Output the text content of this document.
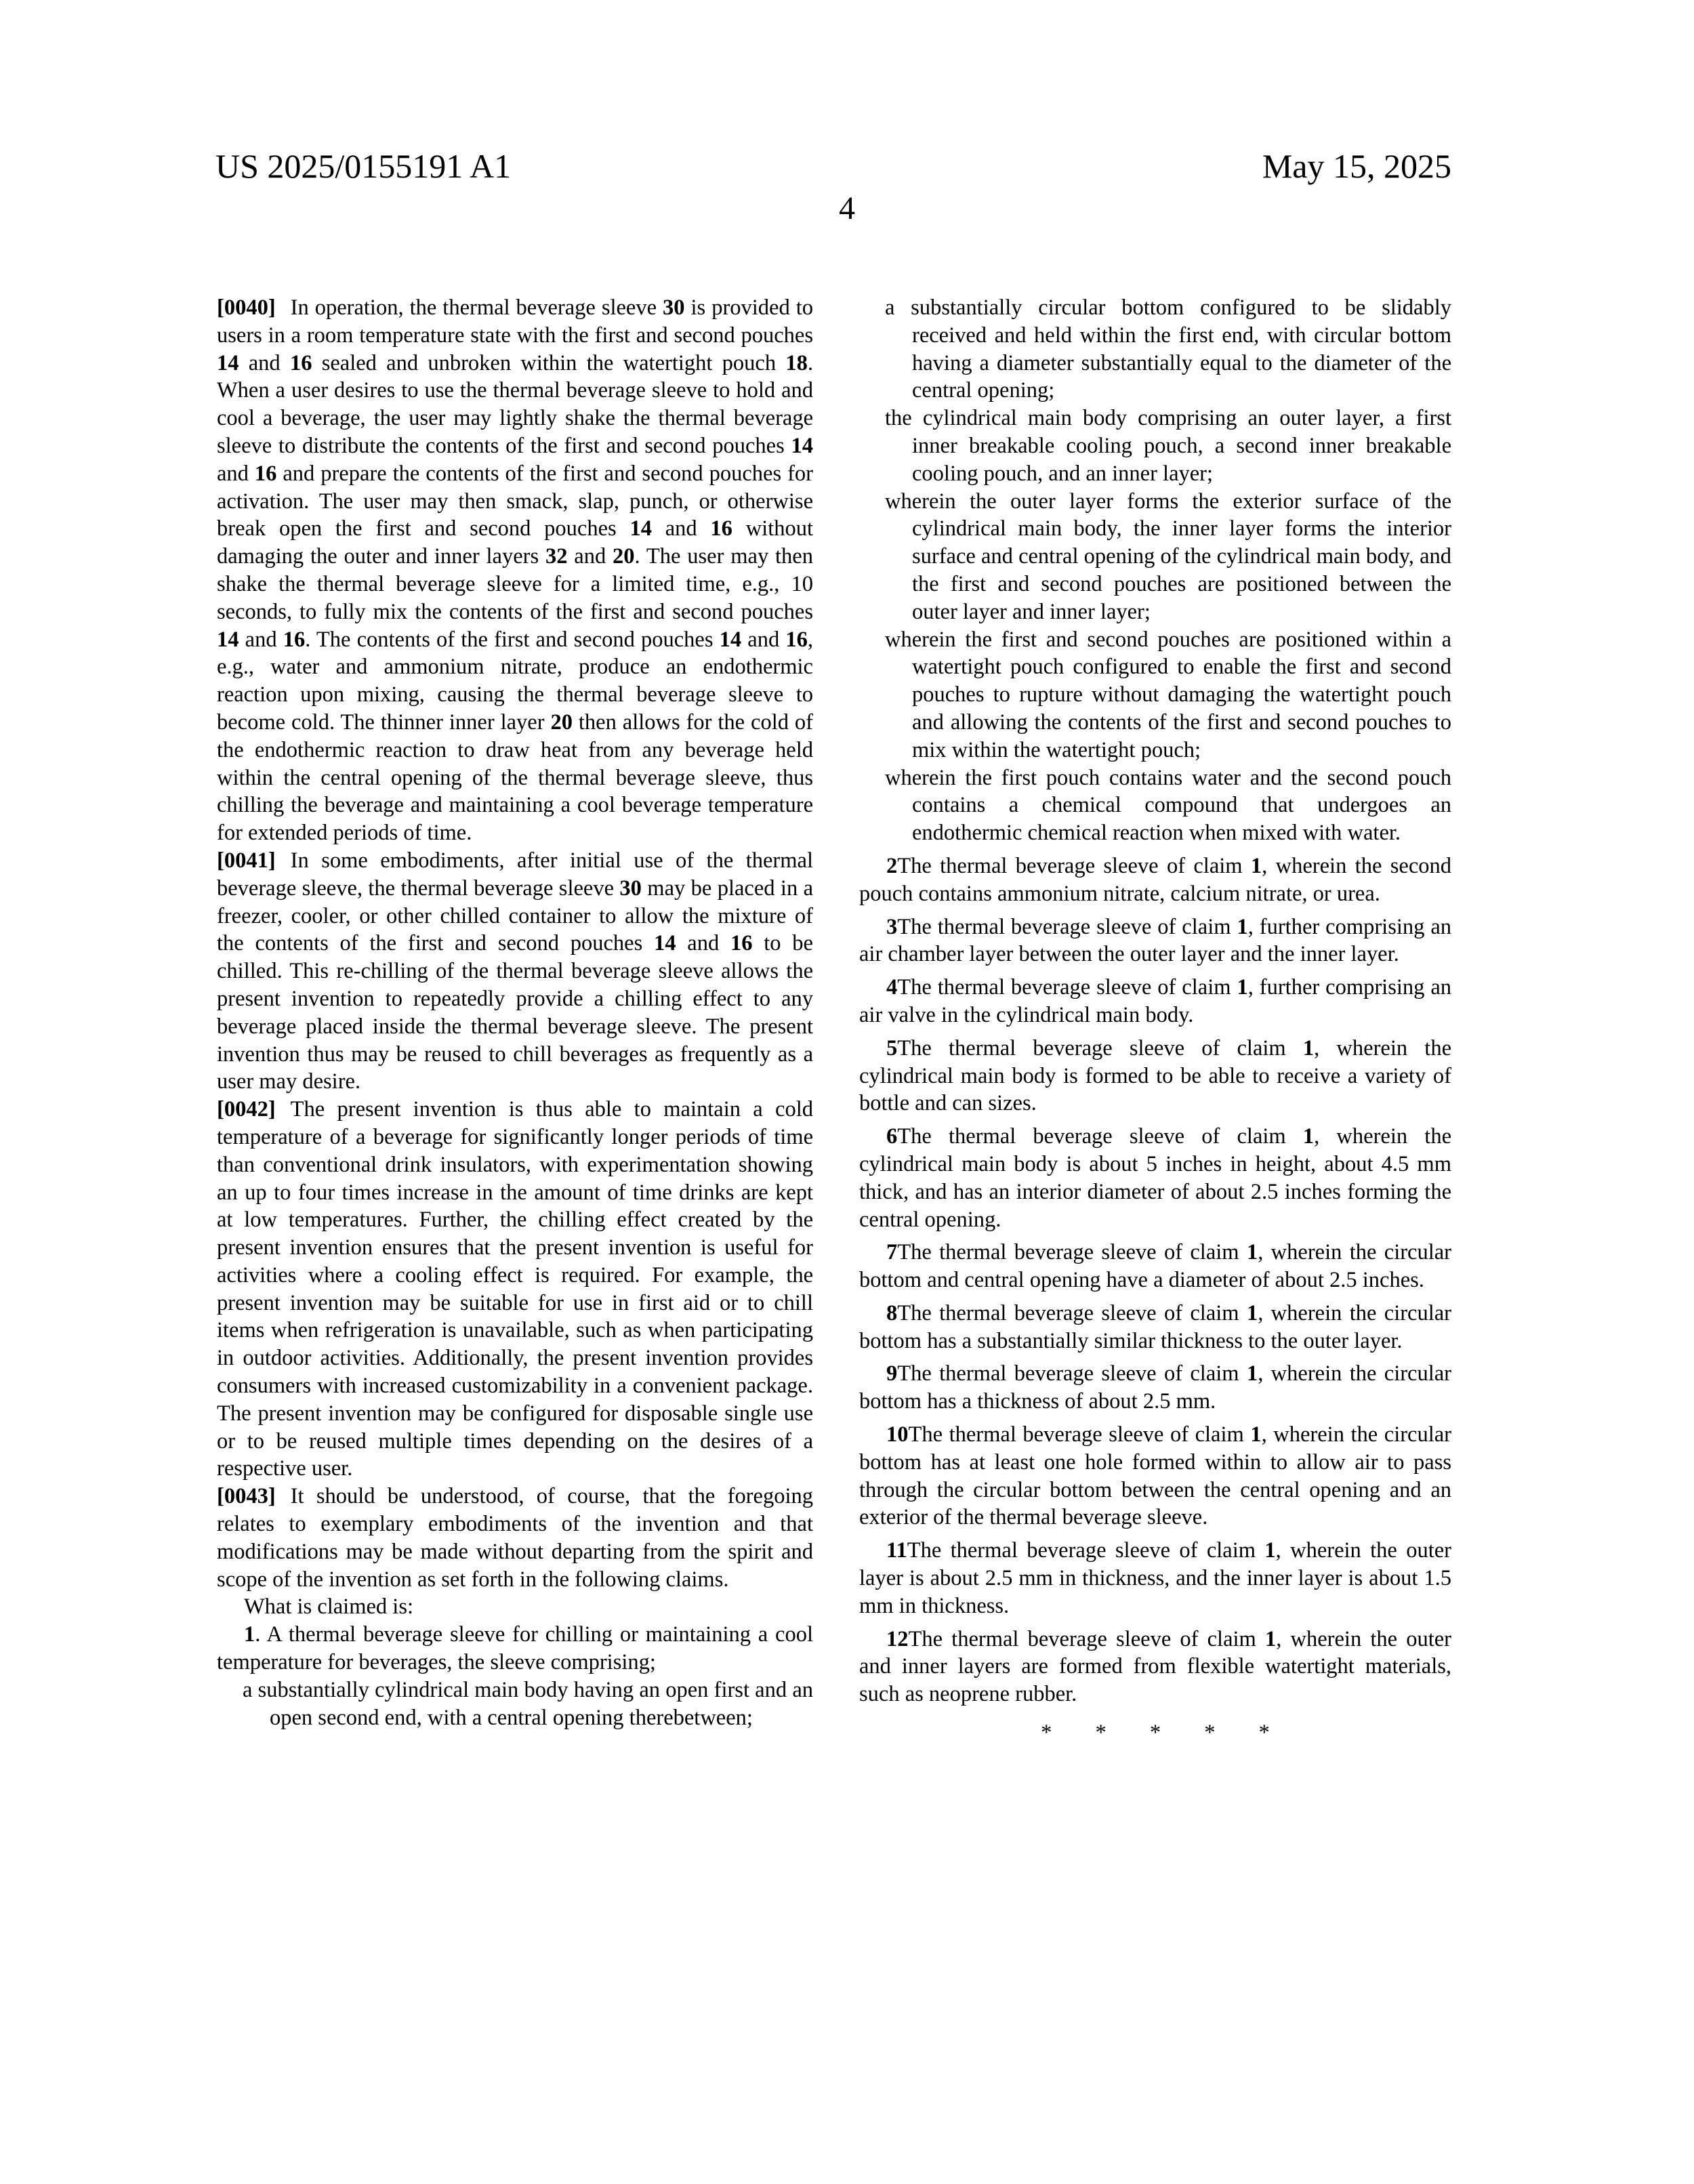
US 2025/0155191 A1	May 15, 2025
4

[0040] In operation, the thermal beverage sleeve 30 is provided to users in a room temperature state with the first and second pouches 14 and 16 sealed and unbroken within the watertight pouch 18. When a user desires to use the thermal beverage sleeve to hold and cool a beverage, the user may lightly shake the thermal beverage sleeve to distribute the contents of the first and second pouches 14 and 16 and prepare the contents of the first and second pouches for activation. The user may then smack, slap, punch, or otherwise break open the first and second pouches 14 and 16 without damaging the outer and inner layers 32 and 20. The user may then shake the thermal beverage sleeve for a limited time, e.g., 10 seconds, to fully mix the contents of the first and second pouches 14 and 16. The contents of the first and second pouches 14 and 16, e.g., water and ammonium nitrate, produce an endothermic reaction upon mixing, causing the thermal beverage sleeve to become cold. The thinner inner layer 20 then allows for the cold of the endothermic reaction to draw heat from any beverage held within the central opening of the thermal beverage sleeve, thus chilling the beverage and maintaining a cool beverage temperature for extended periods of time.

[0041] In some embodiments, after initial use of the thermal beverage sleeve, the thermal beverage sleeve 30 may be placed in a freezer, cooler, or other chilled container to allow the mixture of the contents of the first and second pouches 14 and 16 to be chilled. This re-chilling of the thermal beverage sleeve allows the present invention to repeatedly provide a chilling effect to any beverage placed inside the thermal beverage sleeve. The present invention thus may be reused to chill beverages as frequently as a user may desire.

[0042] The present invention is thus able to maintain a cold temperature of a beverage for significantly longer periods of time than conventional drink insulators, with experimentation showing an up to four times increase in the amount of time drinks are kept at low temperatures. Further, the chilling effect created by the present invention ensures that the present invention is useful for activities where a cooling effect is required. For example, the present invention may be suitable for use in first aid or to chill items when refrigeration is unavailable, such as when participating in outdoor activities. Additionally, the present invention provides consumers with increased customizability in a convenient package. The present invention may be configured for disposable single use or to be reused multiple times depending on the desires of a respective user.

[0043] It should be understood, of course, that the foregoing relates to exemplary embodiments of the invention and that modifications may be made without departing from the spirit and scope of the invention as set forth in the following claims.

What is claimed is:

1. A thermal beverage sleeve for chilling or maintaining a cool temperature for beverages, the sleeve comprising;

a substantially cylindrical main body having an open first and an open second end, with a central opening therebetween;

a substantially circular bottom configured to be slidably received and held within the first end, with circular bottom having a diameter substantially equal to the diameter of the central opening;

the cylindrical main body comprising an outer layer, a first inner breakable cooling pouch, a second inner breakable cooling pouch, and an inner layer;

wherein the outer layer forms the exterior surface of the cylindrical main body, the inner layer forms the interior surface and central opening of the cylindrical main body, and the first and second pouches are positioned between the outer layer and inner layer;

wherein the first and second pouches are positioned within a watertight pouch configured to enable the first and second pouches to rupture without damaging the watertight pouch and allowing the contents of the first and second pouches to mix within the watertight pouch;

wherein the first pouch contains water and the second pouch contains a chemical compound that undergoes an endothermic chemical reaction when mixed with water.

2The thermal beverage sleeve of claim 1, wherein the second pouch contains ammonium nitrate, calcium nitrate, or urea.

3The thermal beverage sleeve of claim 1, further comprising an air chamber layer between the outer layer and the inner layer.

4The thermal beverage sleeve of claim 1, further comprising an air valve in the cylindrical main body.

5The thermal beverage sleeve of claim 1, wherein the cylindrical main body is formed to be able to receive a variety of bottle and can sizes.

6The thermal beverage sleeve of claim 1, wherein the cylindrical main body is about 5 inches in height, about 4.5 mm thick, and has an interior diameter of about 2.5 inches forming the central opening.

7The thermal beverage sleeve of claim 1, wherein the circular bottom and central opening have a diameter of about 2.5 inches.

8The thermal beverage sleeve of claim 1, wherein the circular bottom has a substantially similar thickness to the outer layer.

9The thermal beverage sleeve of claim 1, wherein the circular bottom has a thickness of about 2.5 mm.

10The thermal beverage sleeve of claim 1, wherein the circular bottom has at least one hole formed within to allow air to pass through the circular bottom between the central opening and an exterior of the thermal beverage sleeve.

11The thermal beverage sleeve of claim 1, wherein the outer layer is about 2.5 mm in thickness, and the inner layer is about 1.5 mm in thickness.

12The thermal beverage sleeve of claim 1, wherein the outer and inner layers are formed from flexible watertight materials, such as neoprene rubber.

* * * * *
